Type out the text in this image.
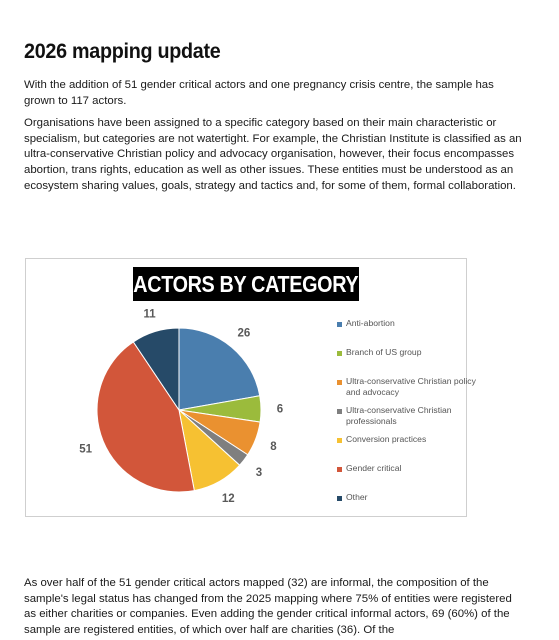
2026 mapping update

With the addition of 51 gender critical actors and one pregnancy crisis centre, the sample has grown to 117 actors.

Organisations have been assigned to a specific category based on their main characteristic or specialism, but categories are not watertight. For example, the Christian Institute is classified as an ultra-conservative Christian policy and advocacy organisation, however, their focus encompasses abortion, trans rights, education as well as other issues. These entities must be understood as an ecosystem sharing values, goals, strategy and tactics and, for some of them, formal collaboration.

ACTORS BY CATEGORY
26
6
8
3
12
51
11
Anti-abortion
Branch of US group
Ultra-conservative Christian policy and advocacy
Ultra-conservative Christian professionals
Conversion practices
Gender critical
Other

As over half of the 51 gender critical actors mapped (32) are informal, the composition of the sample's legal status has changed from the 2025 mapping where 75% of entities were registered as either charities or companies. Even adding the gender critical informal actors, 69 (60%) of the sample are registered entities, of which over half are charities (36). Of the
